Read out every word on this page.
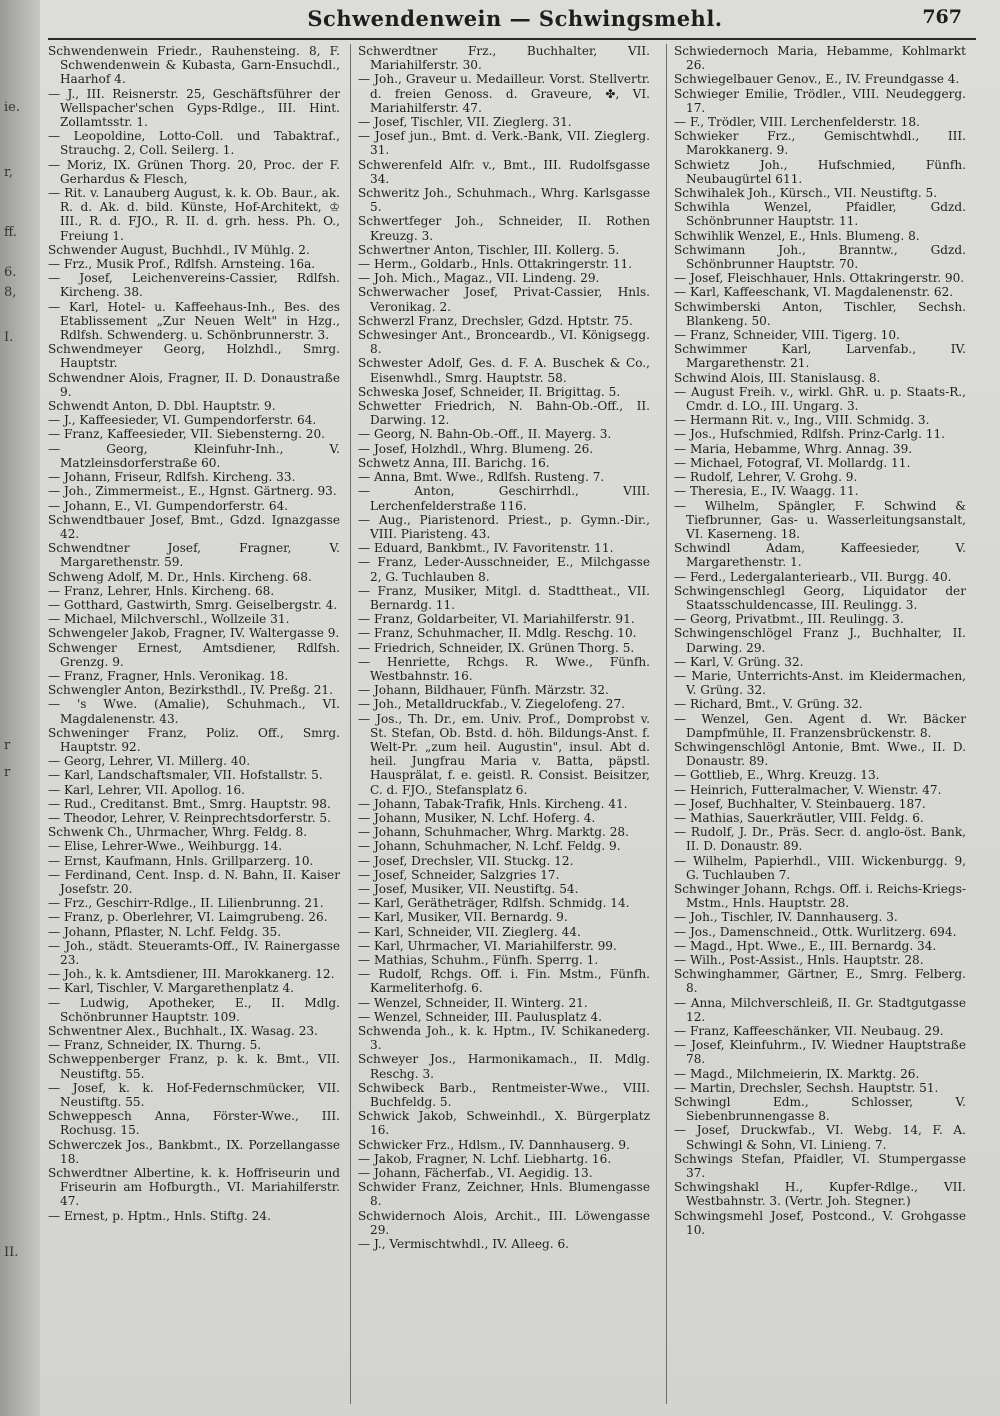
ie.
r,
ff.
6.
8,
I.
r
r
II.
Schwendenwein — Schwingsmehl.	767

Schwendenwein Friedr., Rauhensteing. 8, F. Schwendenwein & Kubasta, Garn-Ensuchdl., Haarhof 4.

— J., III. Reisnerstr. 25, Geschäftsführer der Wellspacher'schen Gyps-Rdlge., III. Hint. Zollamtsstr. 1.

— Leopoldine, Lotto-Coll. und Tabaktraf., Strauchg. 2, Coll. Seilerg. 1.

— Moriz, IX. Grünen Thorg. 20, Proc. der F. Gerhardus & Flesch,

— Rit. v. Lanauberg August, k. k. Ob. Baur., ak. R. d. Ak. d. bild. Künste, Hof-Architekt, ♔ III., R. d. FJO., R. II. d. grh. hess. Ph. O., Freiung 1.

Schwender August, Buchhdl., IV Mühlg. 2.

— Frz., Musik Prof., Rdlfsh. Arnsteing. 16a.

— Josef, Leichenvereins-Cassier, Rdlfsh. Kircheng. 38.

— Karl, Hotel- u. Kaffeehaus-Inh., Bes. des Etablissement „Zur Neuen Welt" in Hzg., Rdlfsh. Schwenderg. u. Schönbrunnerstr. 3.

Schwendmeyer Georg, Holzhdl., Smrg. Hauptstr.

Schwendner Alois, Fragner, II. D. Donaustraße 9.

Schwendt Anton, D. Dbl. Hauptstr. 9.

— J., Kaffeesieder, VI. Gumpendorferstr. 64.

— Franz, Kaffeesieder, VII. Siebensterng. 20.

— Georg, Kleinfuhr-Inh., V. Matzleinsdorferstraße 60.

— Johann, Friseur, Rdlfsh. Kircheng. 33.

— Joh., Zimmermeist., E., Hgnst. Gärtnerg. 93.

— Johann, E., VI. Gumpendorferstr. 64.

Schwendtbauer Josef, Bmt., Gdzd. Ignazgasse 42.

Schwendtner Josef, Fragner, V. Margarethenstr. 59.

Schweng Adolf, M. Dr., Hnls. Kircheng. 68.

— Franz, Lehrer, Hnls. Kircheng. 68.

— Gotthard, Gastwirth, Smrg. Geiselbergstr. 4.

— Michael, Milchverschl., Wollzeile 31.

Schwengeler Jakob, Fragner, IV. Waltergasse 9.

Schwenger Ernest, Amtsdiener, Rdlfsh. Grenzg. 9.

— Franz, Fragner, Hnls. Veronikag. 18.

Schwengler Anton, Bezirksthdl., IV. Preßg. 21.

— 's Wwe. (Amalie), Schuhmach., VI. Magdalenenstr. 43.

Schweninger Franz, Poliz. Off., Smrg. Hauptstr. 92.

— Georg, Lehrer, VI. Millerg. 40.

— Karl, Landschaftsmaler, VII. Hofstallstr. 5.

— Karl, Lehrer, VII. Apollog. 16.

— Rud., Creditanst. Bmt., Smrg. Hauptstr. 98.

— Theodor, Lehrer, V. Reinprechtsdorferstr. 5.

Schwenk Ch., Uhrmacher, Whrg. Feldg. 8.

— Elise, Lehrer-Wwe., Weihburgg. 14.

— Ernst, Kaufmann, Hnls. Grillparzerg. 10.

— Ferdinand, Cent. Insp. d. N. Bahn, II. Kaiser Josefstr. 20.

— Frz., Geschirr-Rdlge., II. Lilienbrunng. 21.

— Franz, p. Oberlehrer, VI. Laimgrubeng. 26.

— Johann, Pflaster, N. Lchf. Feldg. 35.

— Joh., städt. Steueramts-Off., IV. Rainergasse 23.

— Joh., k. k. Amtsdiener, III. Marokkanerg. 12.

— Karl, Tischler, V. Margarethenplatz 4.

— Ludwig, Apotheker, E., II. Mdlg. Schönbrunner Hauptstr. 109.

Schwentner Alex., Buchhalt., IX. Wasag. 23.

— Franz, Schneider, IX. Thurng. 5.

Schweppenberger Franz, p. k. k. Bmt., VII. Neustiftg. 55.

— Josef, k. k. Hof-Federnschmücker, VII. Neustiftg. 55.

Schweppesch Anna, Förster-Wwe., III. Rochusg. 15.

Schwerczek Jos., Bankbmt., IX. Porzellangasse 18.

Schwerdtner Albertine, k. k. Hoffriseurin und Friseurin am Hofburgth., VI. Mariahilferstr. 47.

— Ernest, p. Hptm., Hnls. Stiftg. 24.

Schwerdtner Frz., Buchhalter, VII. Mariahilferstr. 30.

— Joh., Graveur u. Medailleur. Vorst. Stellvertr. d. freien Genoss. d. Graveure, ✤, VI. Mariahilferstr. 47.

— Josef, Tischler, VII. Zieglerg. 31.

— Josef jun., Bmt. d. Verk.-Bank, VII. Zieglerg. 31.

Schwerenfeld Alfr. v., Bmt., III. Rudolfsgasse 34.

Schweritz Joh., Schuhmach., Whrg. Karlsgasse 5.

Schwertfeger Joh., Schneider, II. Rothen Kreuzg. 3.

Schwertner Anton, Tischler, III. Kollerg. 5.

— Herm., Goldarb., Hnls. Ottakringerstr. 11.

— Joh. Mich., Magaz., VII. Lindeng. 29.

Schwerwacher Josef, Privat-Cassier, Hnls. Veronikag. 2.

Schwerzl Franz, Drechsler, Gdzd. Hptstr. 75.

Schwesinger Ant., Bronceardb., VI. Königsegg. 8.

Schwester Adolf, Ges. d. F. A. Buschek & Co., Eisenwhdl., Smrg. Hauptstr. 58.

Schweska Josef, Schneider, II. Brigittag. 5.

Schwetter Friedrich, N. Bahn-Ob.-Off., II. Darwing. 12.

— Georg, N. Bahn-Ob.-Off., II. Mayerg. 3.

— Josef, Holzhdl., Whrg. Blumeng. 26.

Schwetz Anna, III. Barichg. 16.

— Anna, Bmt. Wwe., Rdlfsh. Rusteng. 7.

— Anton, Geschirrhdl., VIII. Lerchenfelderstraße 116.

— Aug., Piaristenord. Priest., p. Gymn.-Dir., VIII. Piaristeng. 43.

— Eduard, Bankbmt., IV. Favoritenstr. 11.

— Franz, Leder-Ausschneider, E., Milchgasse 2, G. Tuchlauben 8.

— Franz, Musiker, Mitgl. d. Stadttheat., VII. Bernardg. 11.

— Franz, Goldarbeiter, VI. Mariahilferstr. 91.

— Franz, Schuhmacher, II. Mdlg. Reschg. 10.

— Friedrich, Schneider, IX. Grünen Thorg. 5.

— Henriette, Rchgs. R. Wwe., Fünfh. Westbahnstr. 16.

— Johann, Bildhauer, Fünfh. Märzstr. 32.

— Joh., Metalldruckfab., V. Ziegelofeng. 27.

— Jos., Th. Dr., em. Univ. Prof., Domprobst v. St. Stefan, Ob. Bstd. d. höh. Bildungs-Anst. f. Welt-Pr. „zum heil. Augustin", insul. Abt d. heil. Jungfrau Maria v. Batta, päpstl. Hausprälat, f. e. geistl. R. Consist. Beisitzer, C. d. FJO., Stefansplatz 6.

— Johann, Tabak-Trafik, Hnls. Kircheng. 41.

— Johann, Musiker, N. Lchf. Hoferg. 4.

— Johann, Schuhmacher, Whrg. Marktg. 28.

— Johann, Schuhmacher, N. Lchf. Feldg. 9.

— Josef, Drechsler, VII. Stuckg. 12.

— Josef, Schneider, Salzgries 17.

— Josef, Musiker, VII. Neustiftg. 54.

— Karl, Gerätheträger, Rdlfsh. Schmidg. 14.

— Karl, Musiker, VII. Bernardg. 9.

— Karl, Schneider, VII. Zieglerg. 44.

— Karl, Uhrmacher, VI. Mariahilferstr. 99.

— Mathias, Schuhm., Fünfh. Sperrg. 1.

— Rudolf, Rchgs. Off. i. Fin. Mstm., Fünfh. Karmeliterhofg. 6.

— Wenzel, Schneider, II. Winterg. 21.

— Wenzel, Schneider, III. Paulusplatz 4.

Schwenda Joh., k. k. Hptm., IV. Schikanederg. 3.

Schweyer Jos., Harmonikamach., II. Mdlg. Reschg. 3.

Schwibeck Barb., Rentmeister-Wwe., VIII. Buchfeldg. 5.

Schwick Jakob, Schweinhdl., X. Bürgerplatz 16.

Schwicker Frz., Hdlsm., IV. Dannhauserg. 9.

— Jakob, Fragner, N. Lchf. Liebhartg. 16.

— Johann, Fächerfab., VI. Aegidig. 13.

Schwider Franz, Zeichner, Hnls. Blumengasse 8.

Schwidernoch Alois, Archit., III. Löwengasse 29.

— J., Vermischtwhdl., IV. Alleeg. 6.

Schwiedernoch Maria, Hebamme, Kohlmarkt 26.

Schwiegelbauer Genov., E., IV. Freundgasse 4.

Schwieger Emilie, Trödler., VIII. Neudeggerg. 17.

— F., Trödler, VIII. Lerchenfelderstr. 18.

Schwieker Frz., Gemischtwhdl., III. Marokkanerg. 9.

Schwietz Joh., Hufschmied, Fünfh. Neubaugürtel 611.

Schwihalek Joh., Kürsch., VII. Neustiftg. 5.

Schwihla Wenzel, Pfaidler, Gdzd. Schönbrunner Hauptstr. 11.

Schwihlik Wenzel, E., Hnls. Blumeng. 8.

Schwimann Joh., Branntw., Gdzd. Schönbrunner Hauptstr. 70.

— Josef, Fleischhauer, Hnls. Ottakringerstr. 90.

— Karl, Kaffeeschank, VI. Magdalenenstr. 62.

Schwimberski Anton, Tischler, Sechsh. Blankeng. 50.

— Franz, Schneider, VIII. Tigerg. 10.

Schwimmer Karl, Larvenfab., IV. Margarethenstr. 21.

Schwind Alois, III. Stanislausg. 8.

— August Freih. v., wirkl. GhR. u. p. Staats-R., Cmdr. d. LO., III. Ungarg. 3.

— Hermann Rit. v., Ing., VIII. Schmidg. 3.

— Jos., Hufschmied, Rdlfsh. Prinz-Carlg. 11.

— Maria, Hebamme, Whrg. Annag. 39.

— Michael, Fotograf, VI. Mollardg. 11.

— Rudolf, Lehrer, V. Grohg. 9.

— Theresia, E., IV. Waagg. 11.

— Wilhelm, Spängler, F. Schwind & Tiefbrunner, Gas- u. Wasserleitungsanstalt, VI. Kaserneng. 18.

Schwindl Adam, Kaffeesieder, V. Margarethenstr. 1.

— Ferd., Ledergalanteriearb., VII. Burgg. 40.

Schwingenschlegl Georg, Liquidator der Staatsschuldencasse, III. Reulingg. 3.

— Georg, Privatbmt., III. Reulingg. 3.

Schwingenschlögel Franz J., Buchhalter, II. Darwing. 29.

— Karl, V. Grüng. 32.

— Marie, Unterrichts-Anst. im Kleidermachen, V. Grüng. 32.

— Richard, Bmt., V. Grüng. 32.

— Wenzel, Gen. Agent d. Wr. Bäcker Dampfmühle, II. Franzensbrückenstr. 8.

Schwingenschlögl Antonie, Bmt. Wwe., II. D. Donaustr. 89.

— Gottlieb, E., Whrg. Kreuzg. 13.

— Heinrich, Futteralmacher, V. Wienstr. 47.

— Josef, Buchhalter, V. Steinbauerg. 187.

— Mathias, Sauerkräutler, VIII. Feldg. 6.

— Rudolf, J. Dr., Präs. Secr. d. anglo-öst. Bank, II. D. Donaustr. 89.

— Wilhelm, Papierhdl., VIII. Wickenburgg. 9, G. Tuchlauben 7.

Schwinger Johann, Rchgs. Off. i. Reichs-Kriegs-Mstm., Hnls. Hauptstr. 28.

— Joh., Tischler, IV. Dannhauserg. 3.

— Jos., Damenschneid., Ottk. Wurlitzerg. 694.

— Magd., Hpt. Wwe., E., III. Bernardg. 34.

— Wilh., Post-Assist., Hnls. Hauptstr. 28.

Schwinghammer, Gärtner, E., Smrg. Felberg. 8.

— Anna, Milchverschleiß, II. Gr. Stadtgutgasse 12.

— Franz, Kaffeeschänker, VII. Neubaug. 29.

— Josef, Kleinfuhrm., IV. Wiedner Hauptstraße 78.

— Magd., Milchmeierin, IX. Marktg. 26.

— Martin, Drechsler, Sechsh. Hauptstr. 51.

Schwingl Edm., Schlosser, V. Siebenbrunnengasse 8.

— Josef, Druckwfab., VI. Webg. 14, F. A. Schwingl & Sohn, VI. Linieng. 7.

Schwings Stefan, Pfaidler, VI. Stumpergasse 37.

Schwingshakl H., Kupfer-Rdlge., VII. Westbahnstr. 3. (Vertr. Joh. Stegner.)

Schwingsmehl Josef, Postcond., V. Grohgasse 10.
